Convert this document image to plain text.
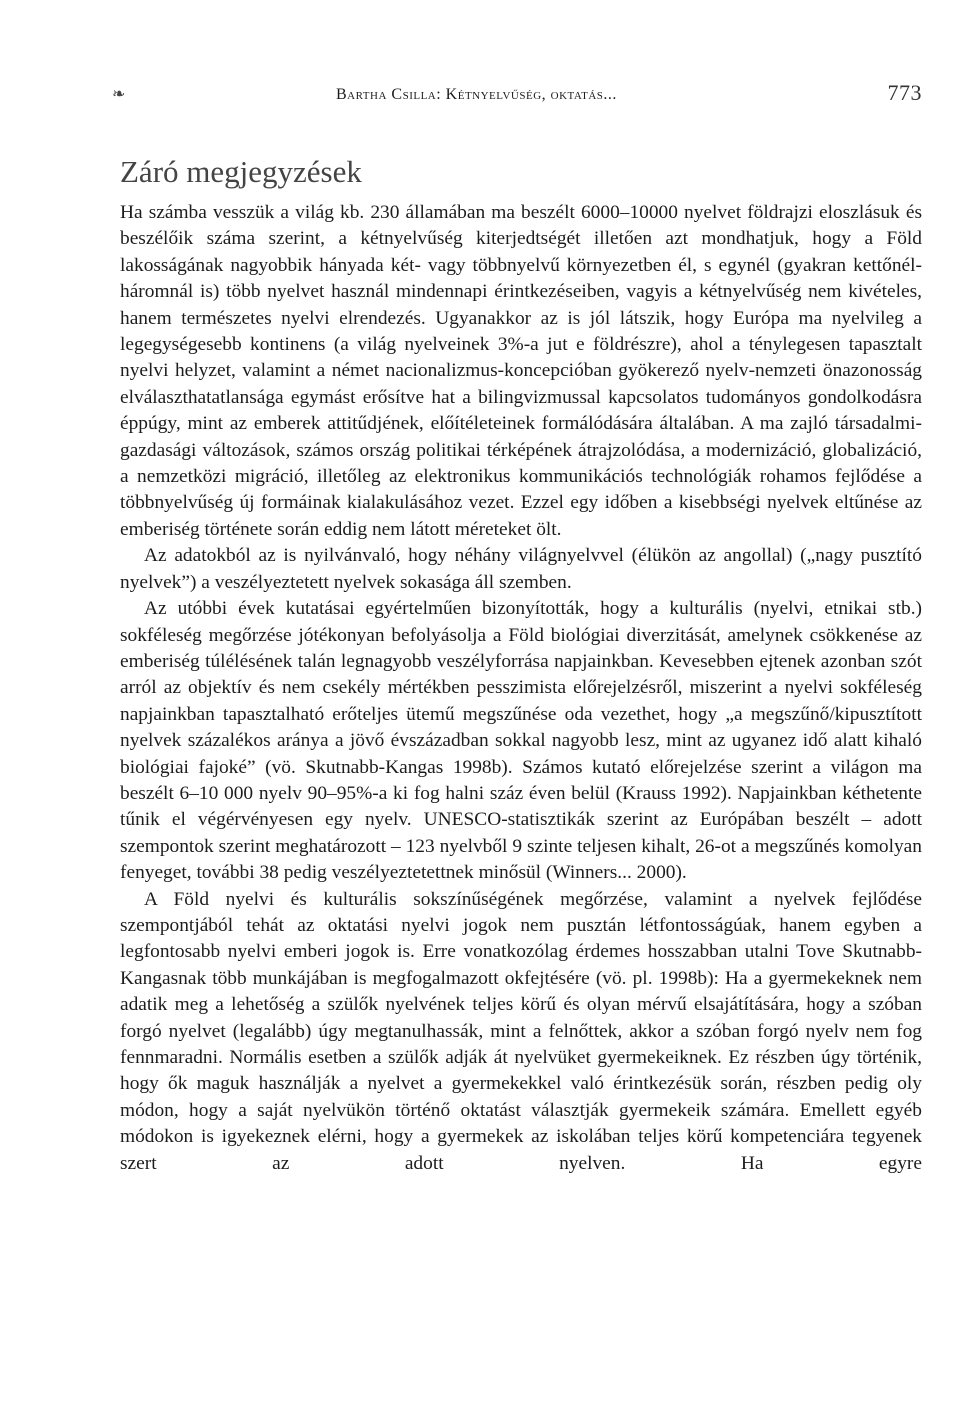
❧	Bartha Csilla: Kétnyelvűség, oktatás...	773
Záró megjegyzések

Ha számba vesszük a világ kb. 230 államában ma beszélt 6000–10000 nyelvet földrajzi eloszlásuk és beszélőik száma szerint, a kétnyelvűség kiterjedtségét illetően azt mondhatjuk, hogy a Föld lakosságának nagyobbik hányada két- vagy többnyelvű környezetben él, s egynél (gyakran kettőnél-háromnál is) több nyelvet használ mindennapi érintkezéseiben, vagyis a kétnyelvűség nem kivételes, hanem természetes nyelvi elrendezés. Ugyanakkor az is jól látszik, hogy Európa ma nyelvileg a legegységesebb kontinens (a világ nyelveinek 3%-a jut e földrészre), ahol a ténylegesen tapasztalt nyelvi helyzet, valamint a német nacionalizmus-koncepcióban gyökerező nyelv-nemzeti önazonosság elválaszthatatlansága egymást erősítve hat a bilingvizmussal kapcsolatos tudományos gondolkodásra éppúgy, mint az emberek attitűdjének, előítéleteinek formálódására általában. A ma zajló társadalmi-gazdasági változások, számos ország politikai térképének átrajzolódása, a modernizáció, globalizáció, a nemzetközi migráció, illetőleg az elektronikus kommunikációs technológiák rohamos fejlődése a többnyelvűség új formáinak kialakulásához vezet. Ezzel egy időben a kisebbségi nyelvek eltűnése az emberiség története során eddig nem látott méreteket ölt.

Az adatokból az is nyilvánvaló, hogy néhány világnyelvvel (élükön az angollal) („nagy pusztító nyelvek”) a veszélyeztetett nyelvek sokasága áll szemben.

Az utóbbi évek kutatásai egyértelműen bizonyították, hogy a kulturális (nyelvi, etnikai stb.) sokféleség megőrzése jótékonyan befolyásolja a Föld biológiai diverzitását, amelynek csökkenése az emberiség túlélésének talán legnagyobb veszélyforrása napjainkban. Kevesebben ejtenek azonban szót arról az objektív és nem csekély mértékben pesszimista előrejelzésről, miszerint a nyelvi sokféleség napjainkban tapasztalható erőteljes ütemű megszűnése oda vezethet, hogy „a megszűnő/kipusztított nyelvek százalékos aránya a jövő évszázadban sokkal nagyobb lesz, mint az ugyanez idő alatt kihaló biológiai fajoké” (vö. Skutnabb-Kangas 1998b). Számos kutató előrejelzése szerint a világon ma beszélt 6–10 000 nyelv 90–95%-a ki fog halni száz éven belül (Krauss 1992). Napjainkban kéthetente tűnik el végérvényesen egy nyelv. UNESCO-statisztikák szerint az Európában beszélt – adott szempontok szerint meghatározott – 123 nyelvből 9 szinte teljesen kihalt, 26-ot a megszűnés komolyan fenyeget, további 38 pedig veszélyeztetettnek minősül (Winners... 2000).

A Föld nyelvi és kulturális sokszínűségének megőrzése, valamint a nyelvek fejlődése szempontjából tehát az oktatási nyelvi jogok nem pusztán létfontosságúak, hanem egyben a legfontosabb nyelvi emberi jogok is. Erre vonatkozólag érdemes hosszabban utalni Tove Skutnabb-Kangasnak több munkájában is megfogalmazott okfejtésére (vö. pl. 1998b): Ha a gyermekeknek nem adatik meg a lehetőség a szülők nyelvének teljes körű és olyan mérvű elsajátítására, hogy a szóban forgó nyelvet (legalább) úgy megtanulhassák, mint a felnőttek, akkor a szóban forgó nyelv nem fog fennmaradni. Normális esetben a szülők adják át nyelvüket gyermekeiknek. Ez részben úgy történik, hogy ők maguk használják a nyelvet a gyermekekkel való érintkezésük során, részben pedig oly módon, hogy a saját nyelvükön történő oktatást választják gyermekeik számára. Emellett egyéb módokon is igyekeznek elérni, hogy a gyermekek az iskolában teljes körű kompetenciára tegyenek szert az adott nyelven. Ha egyre
